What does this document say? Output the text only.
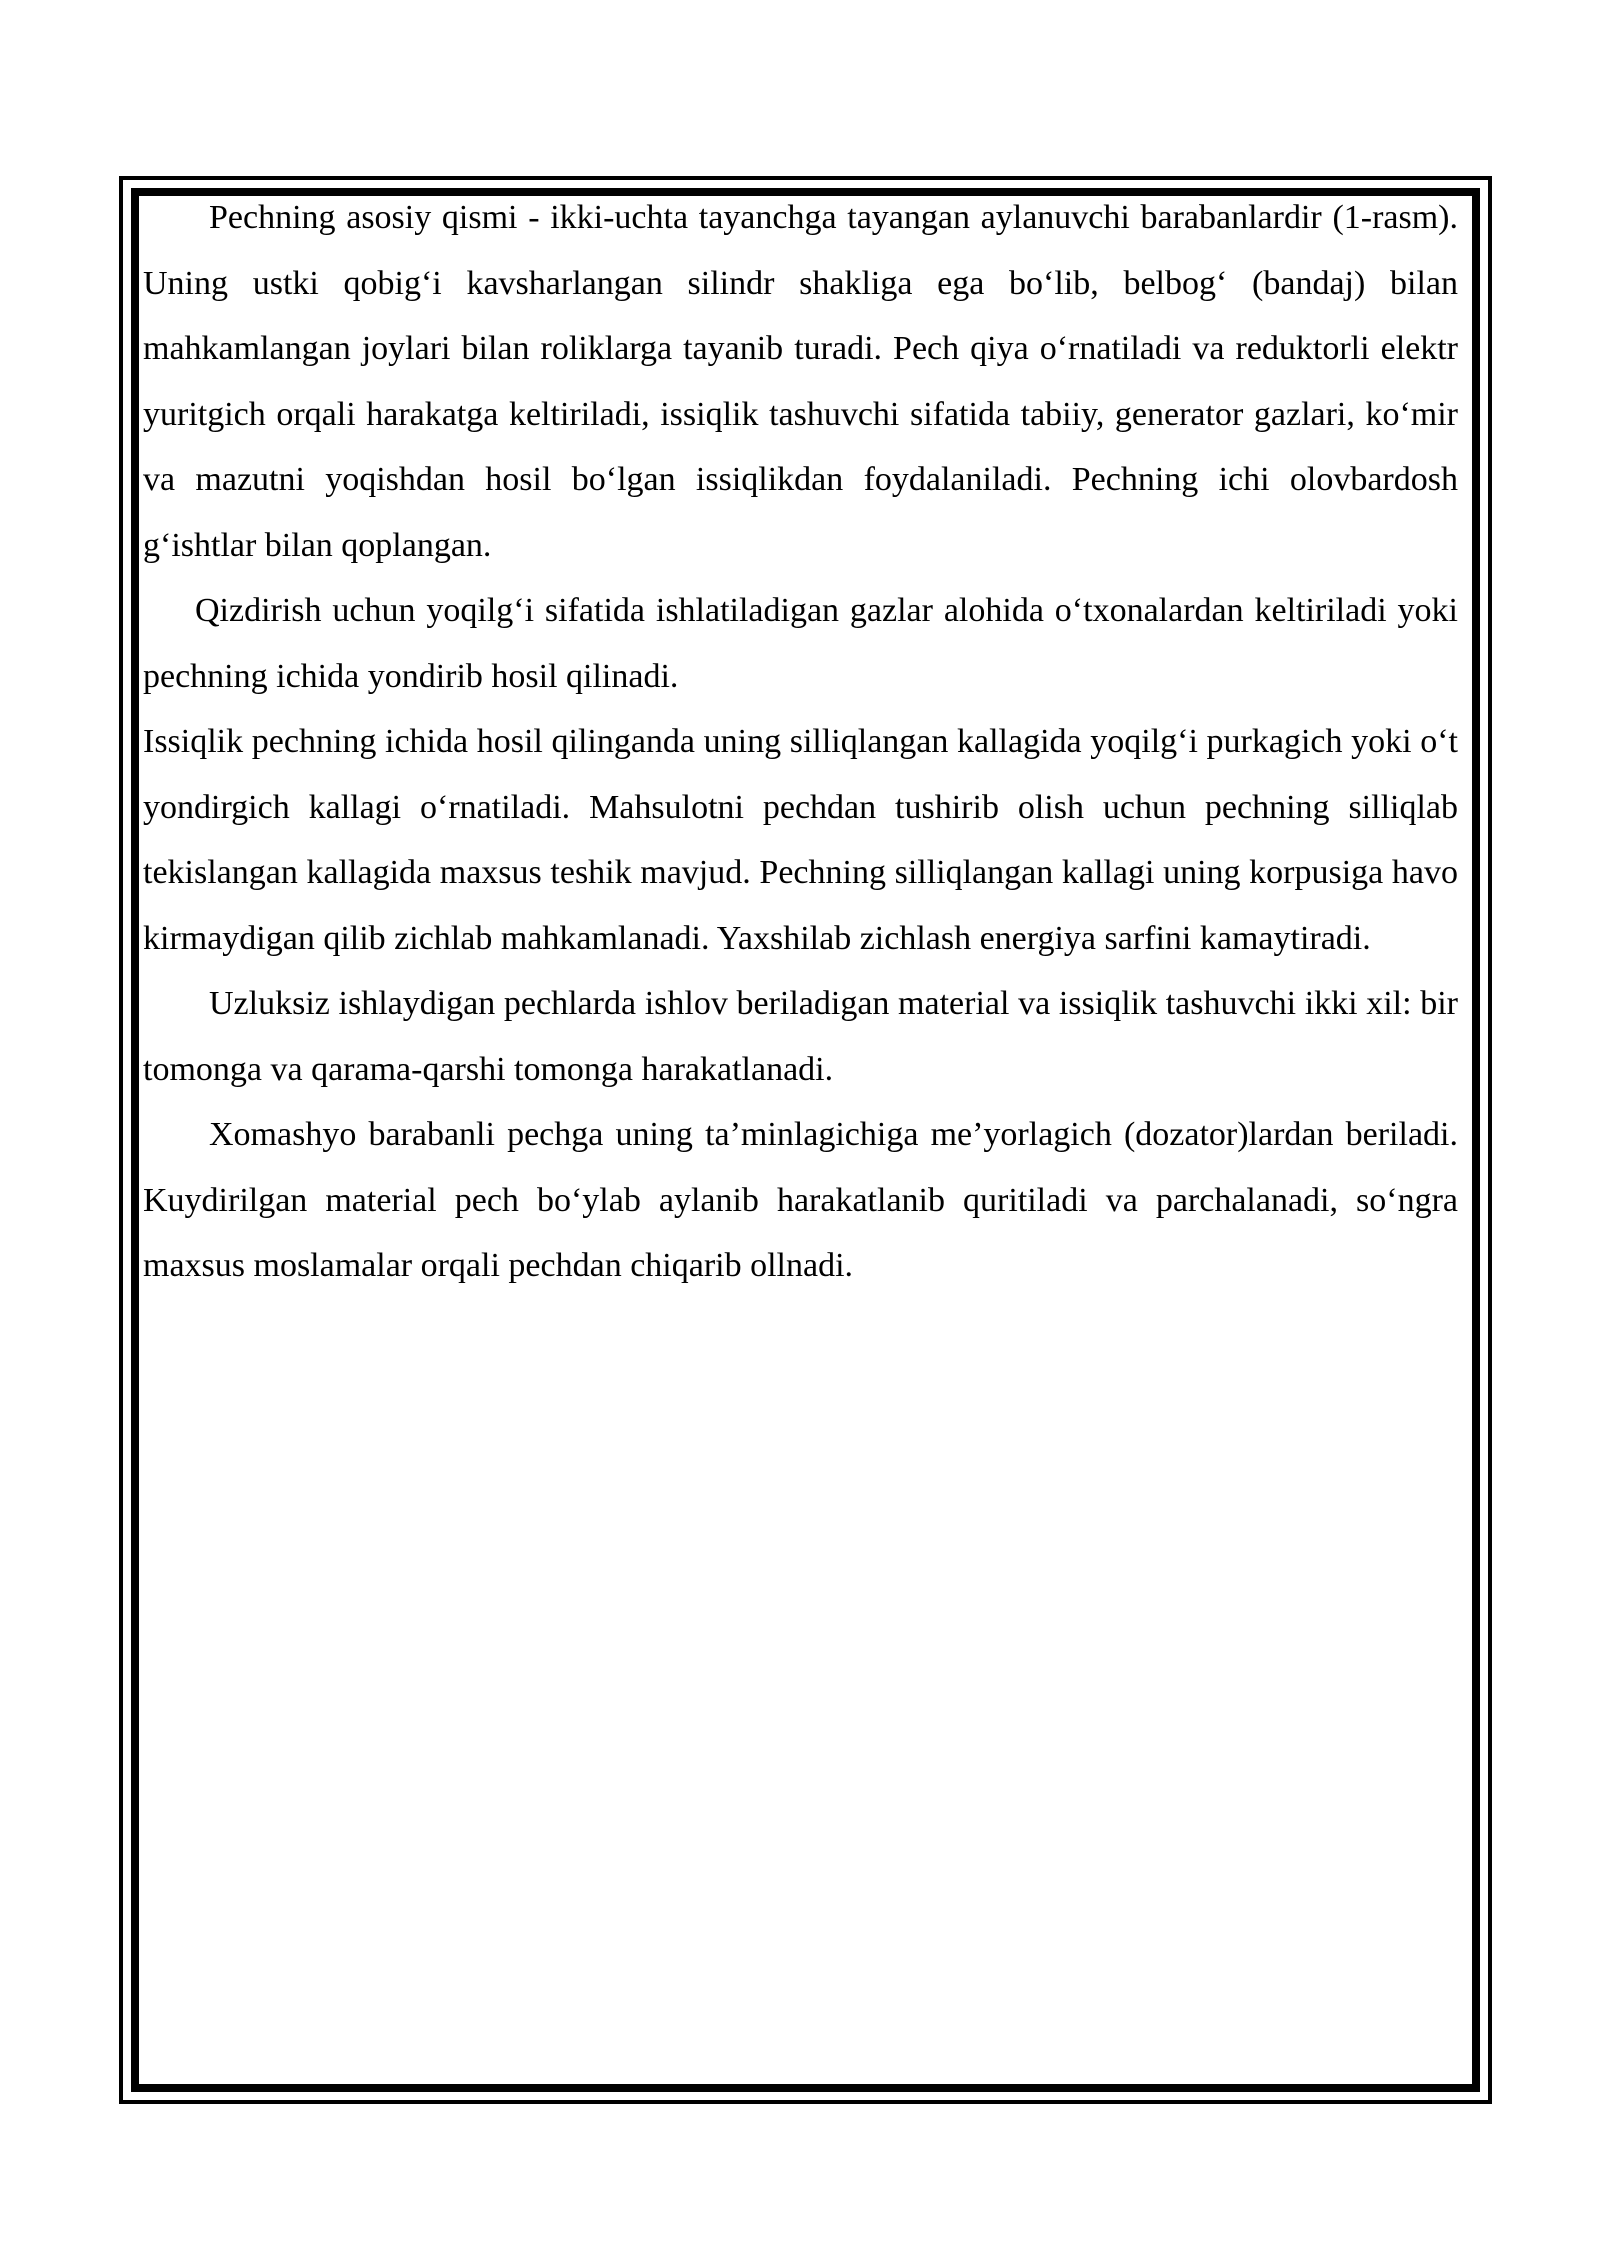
Pechning asosiy qismi - ikki-uchta tayanchga tayangan aylanuvchi barabanlardir (1-rasm). Uning ustki qobig‘i kavsharlangan silindr shakliga ega bo‘lib, belbog‘ (bandaj) bilan mahkamlangan joylari bilan roliklarga tayanib turadi. Pech qiya o‘rnatiladi va reduktorli elektr yuritgich orqali harakatga keltiriladi, issiqlik tashuvchi sifatida tabiiy, generator gazlari, ko‘mir va mazutni yoqishdan hosil bo‘lgan issiqlikdan foydalaniladi. Pechning ichi olovbardosh g‘ishtlar bilan qoplangan.

Qizdirish uchun yoqilg‘i sifatida ishlatiladigan gazlar alohida o‘txonalardan keltiriladi yoki pechning ichida yondirib hosil qilinadi.

Issiqlik pechning ichida hosil qilinganda uning silliqlangan kallagida yoqilg‘i purkagich yoki o‘t yondirgich kallagi o‘rnatiladi. Mahsulotni pechdan tushirib olish uchun pechning silliqlab tekislangan kallagida maxsus teshik mavjud. Pechning silliqlangan kallagi uning korpusiga havo kirmaydigan qilib zichlab mahkamlanadi. Yaxshilab zichlash energiya sarfini kamaytiradi.

Uzluksiz ishlaydigan pechlarda ishlov beriladigan material va issiqlik tashuvchi ikki xil: bir tomonga va qarama-qarshi tomonga harakatlanadi.

Xomashyo barabanli pechga uning ta’minlagichiga me’yorlagich (dozator)lardan beriladi. Kuydirilgan material pech bo‘ylab aylanib harakatlanib quritiladi va parchalanadi, so‘ngra maxsus moslamalar orqali pechdan chiqarib ollnadi.
